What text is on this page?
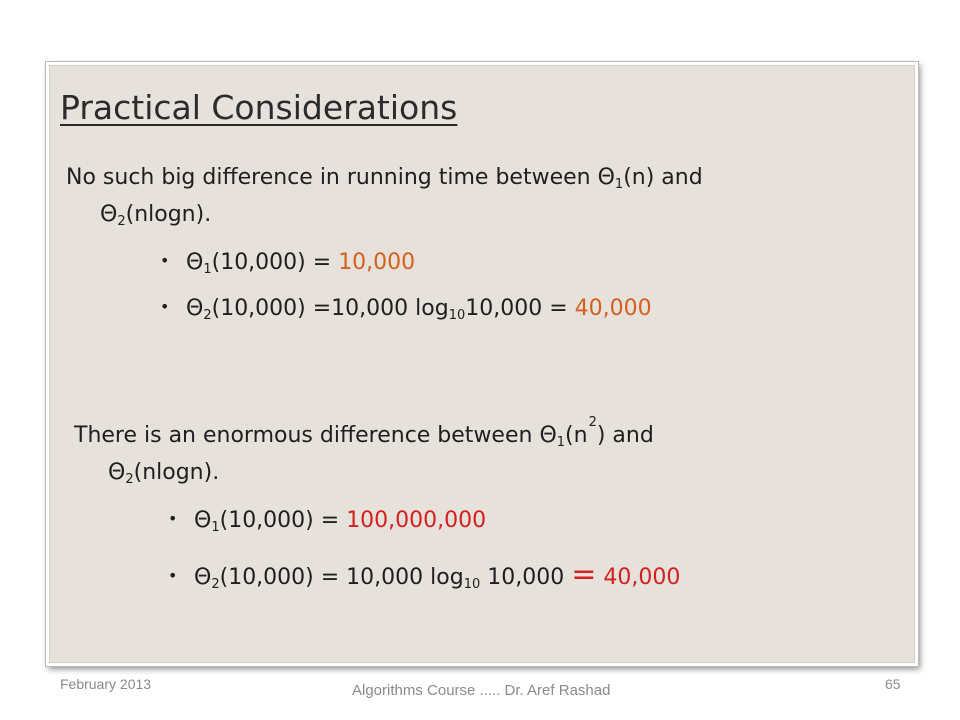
Practical Considerations
No such big difference in running time between $\Theta_1(n)$ and
$\Theta_2(nlogn)$.
• $\Theta_1(10,000) = 10,000$
• $\Theta_2(10,000) =10,000$ $\log_{10}10,000 = 40,000$
There is an enormous difference between $\Theta_1(n^2)$ and
$\Theta_2(nlogn)$.
• $\Theta_1(10,000) = 100,000,000$
• $\Theta_2(10,000) = 10,000$ $\log_{10} 10,000 = 40,000$
February 2013	Algorithms Course ..... Dr. Aref Rashad	65
